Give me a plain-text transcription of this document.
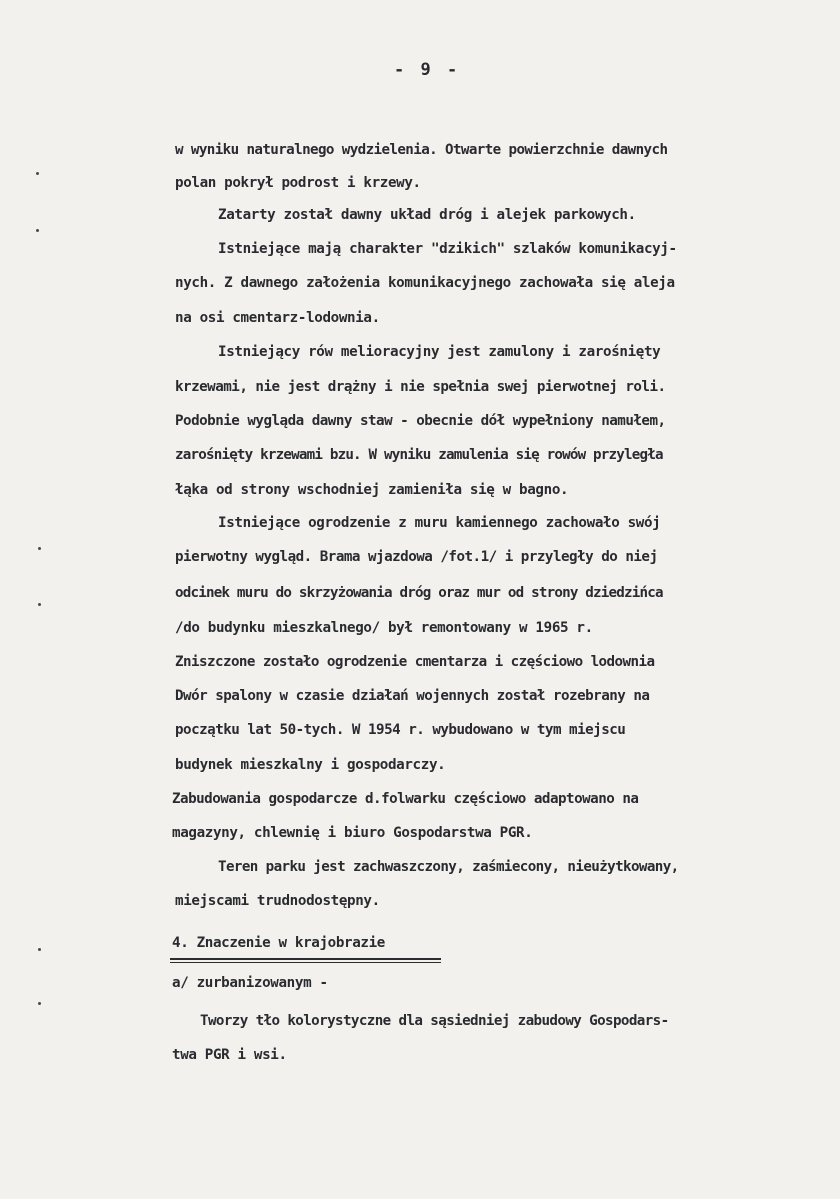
- 9 -
w wyniku naturalnego wydzielenia. Otwarte powierzchnie dawnych
polan pokrył podrost i krzewy.
Zatarty został dawny układ dróg i alejek parkowych.
Istniejące mają charakter "dzikich" szlaków komunikacyj-
nych. Z dawnego założenia komunikacyjnego zachowała się aleja
na osi cmentarz-lodownia.
Istniejący rów melioracyjny jest zamulony i zarośnięty
krzewami, nie jest drążny i nie spełnia swej pierwotnej roli.
Podobnie wygląda dawny staw - obecnie dół wypełniony namułem,
zarośnięty krzewami bzu. W wyniku zamulenia się rowów przyległa
łąka od strony wschodniej zamieniła się w bagno.
Istniejące ogrodzenie z muru kamiennego zachowało swój
pierwotny wygląd. Brama wjazdowa /fot.1/ i przyległy do niej
odcinek muru do skrzyżowania dróg oraz mur od strony dziedzińca
/do budynku mieszkalnego/ był remontowany w 1965 r.
Zniszczone zostało ogrodzenie cmentarza i częściowo lodownia
Dwór spalony w czasie działań wojennych został rozebrany na
początku lat 50-tych. W 1954 r. wybudowano w tym miejscu
budynek mieszkalny i gospodarczy.
Zabudowania gospodarcze d.folwarku częściowo adaptowano na
magazyny, chlewnię i biuro Gospodarstwa PGR.
Teren parku jest zachwaszczony, zaśmiecony, nieużytkowany,
miejscami trudnodostępny.
4. Znaczenie w krajobrazie
a/ zurbanizowanym -
Tworzy tło kolorystyczne dla sąsiedniej zabudowy Gospodars-
twa PGR i wsi.
